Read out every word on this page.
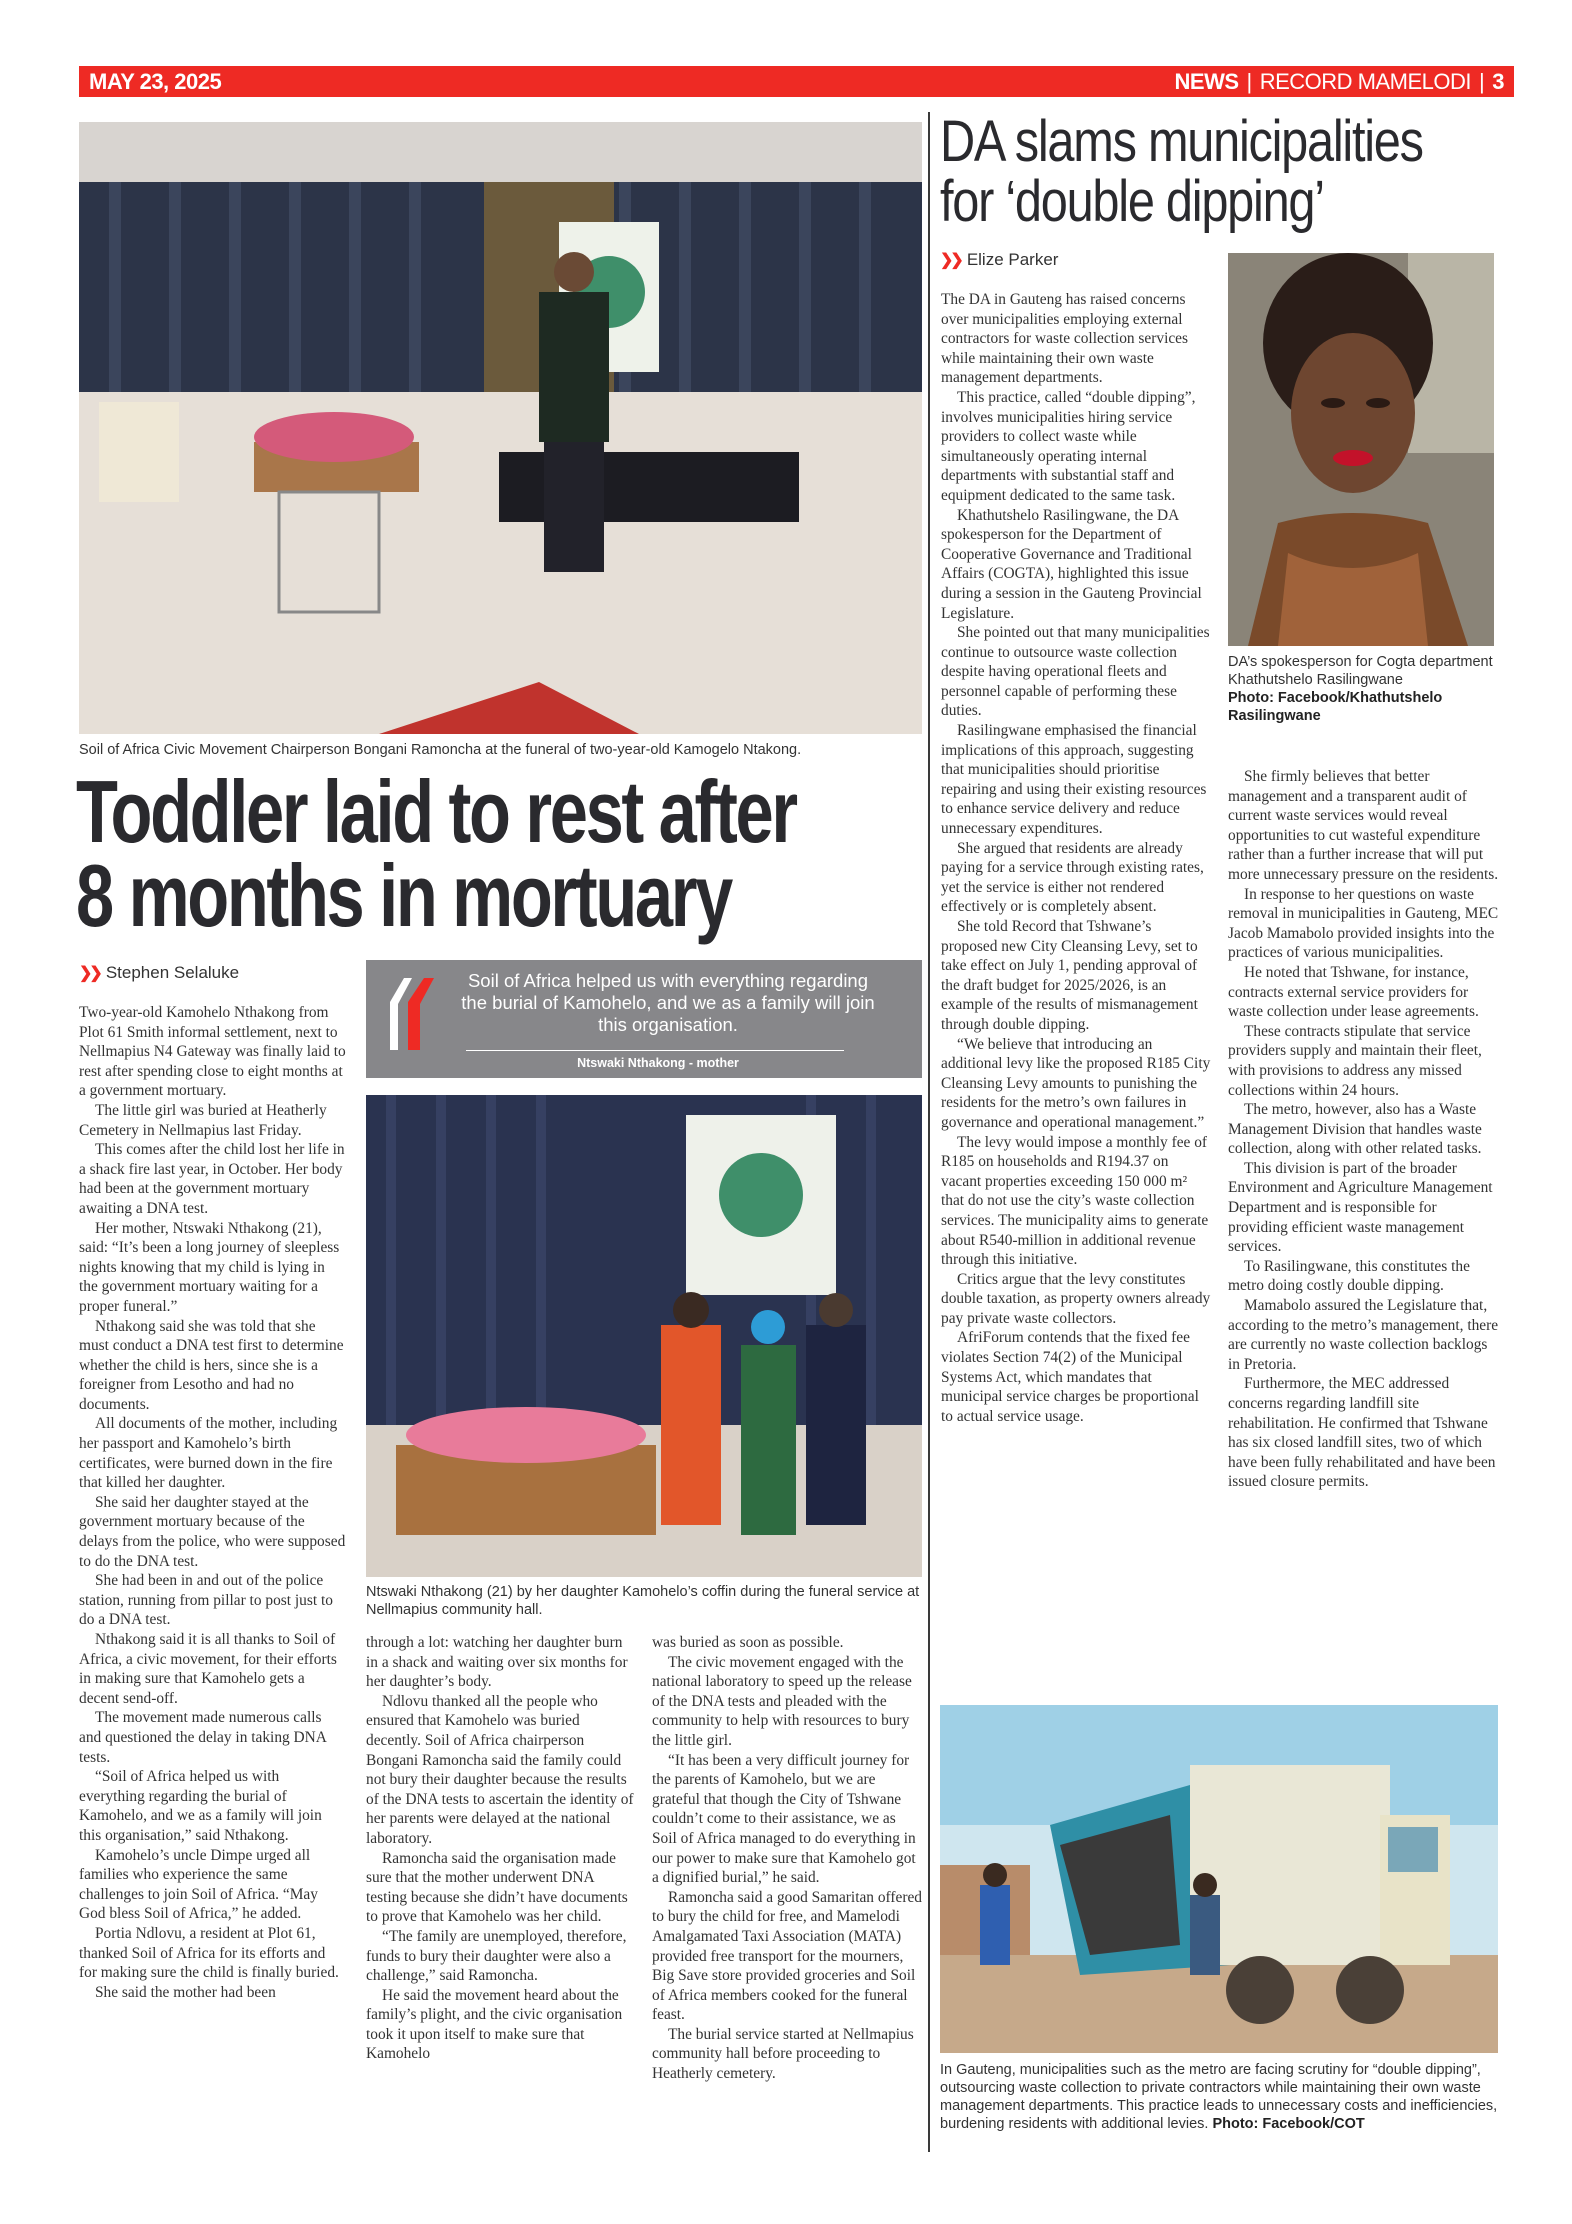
MAY 23, 2025	NEWS | RECORD MAMELODI | 3
Soil of Africa Civic Movement Chairperson Bongani Ramoncha at the funeral of two-year-old Kamogelo Ntakong.
Toddler laid to rest after
8 months in mortuary
❯❯ Stephen Selaluke	Soil of Africa helped us with everything regarding the burial of Kamohelo, and we as a family will join this organisation.
Ntswaki Nthakong - mother

Two-year-old Kamohelo Nthakong from Plot 61 Smith informal settlement, next to Nellmapius N4 Gateway was finally laid to rest after spending close to eight months at a government mortuary.

The little girl was buried at Heatherly Cemetery in Nellmapius last Friday.

This comes after the child lost her life in a shack fire last year, in October. Her body had been at the government mortuary awaiting a DNA test.

Her mother, Ntswaki Nthakong (21), said: “It’s been a long journey of sleepless nights knowing that my child is lying in the government mortuary waiting for a proper funeral.”

Nthakong said she was told that she must conduct a DNA test first to determine whether the child is hers, since she is a foreigner from Lesotho and had no documents.

All documents of the mother, including her passport and Kamohelo’s birth certificates, were burned down in the fire that killed her daughter.

She said her daughter stayed at the government mortuary because of the delays from the police, who were supposed to do the DNA test.

She had been in and out of the police station, running from pillar to post just to do a DNA test.

Nthakong said it is all thanks to Soil of Africa, a civic movement, for their efforts in making sure that Kamohelo gets a decent send-off.

The movement made numerous calls and questioned the delay in taking DNA tests.

“Soil of Africa helped us with everything regarding the burial of Kamohelo, and we as a family will join this organisation,” said Nthakong.

Kamohelo’s uncle Dimpe urged all families who experience the same challenges to join Soil of Africa. “May God bless Soil of Africa,” he added.

Portia Ndlovu, a resident at Plot 61, thanked Soil of Africa for its efforts and for making sure the child is finally buried.

She said the mother had been

Ntswaki Nthakong (21) by her daughter Kamohelo’s coffin during the funeral service at Nellmapius community hall.

through a lot: watching her daughter burn in a shack and waiting over six months for her daughter’s body.

Ndlovu thanked all the people who ensured that Kamohelo was buried decently. Soil of Africa chairperson Bongani Ramoncha said the family could not bury their daughter because the results of the DNA tests to ascertain the identity of her parents were delayed at the national laboratory.

Ramoncha said the organisation made sure that the mother underwent DNA testing because she didn’t have documents to prove that Kamohelo was her child.

“The family are unemployed, therefore, funds to bury their daughter were also a challenge,” said Ramoncha.

He said the movement heard about the family’s plight, and the civic organisation took it upon itself to make sure that Kamohelo

was buried as soon as possible.

The civic movement engaged with the national laboratory to speed up the release of the DNA tests and pleaded with the community to help with resources to bury the little girl.

“It has been a very difficult journey for the parents of Kamohelo, but we are grateful that though the City of Tshwane couldn’t come to their assistance, we as Soil of Africa managed to do everything in our power to make sure that Kamohelo got a dignified burial,” he said.

Ramoncha said a good Samaritan offered to bury the child for free, and Mamelodi Amalgamated Taxi Association (MATA) provided free transport for the mourners, Big Save store provided groceries and Soil of Africa members cooked for the funeral feast.

The burial service started at Nellmapius community hall before proceeding to Heatherly cemetery.

DA slams municipalities
for ‘double dipping’
❯❯ Elize Parker

The DA in Gauteng has raised concerns over municipalities employing external contractors for waste collection services while maintaining their own waste management departments.

This practice, called “double dipping”, involves municipalities hiring service providers to collect waste while simultaneously operating internal departments with substantial staff and equipment dedicated to the same task.

Khathutshelo Rasilingwane, the DA spokesperson for the Department of Cooperative Governance and Traditional Affairs (COGTA), highlighted this issue during a session in the Gauteng Provincial Legislature.

She pointed out that many municipalities continue to outsource waste collection despite having operational fleets and personnel capable of performing these duties.

Rasilingwane emphasised the financial implications of this approach, suggesting that municipalities should prioritise repairing and using their existing resources to enhance service delivery and reduce unnecessary expenditures.

She argued that residents are already paying for a service through existing rates, yet the service is either not rendered effectively or is completely absent.

She told Record that Tshwane’s proposed new City Cleansing Levy, set to take effect on July 1, pending approval of the draft budget for 2025/2026, is an example of the results of mismanagement through double dipping.

“We believe that introducing an additional levy like the proposed R185 City Cleansing Levy amounts to punishing the residents for the metro’s own failures in governance and operational management.”

The levy would impose a monthly fee of R185 on households and R194.37 on vacant properties exceeding 150 000 m² that do not use the city’s waste collection services. The municipality aims to generate about R540-million in additional revenue through this initiative.

Critics argue that the levy constitutes double taxation, as property owners already pay private waste collectors.

AfriForum contends that the fixed fee violates Section 74(2) of the Municipal Systems Act, which mandates that municipal service charges be proportional to actual service usage.

DA’s spokesperson for Cogta department Khathutshelo Rasilingwane
Photo: Facebook/Khathutshelo Rasilingwane

She firmly believes that better management and a transparent audit of current waste services would reveal opportunities to cut wasteful expenditure rather than a further increase that will put more unnecessary pressure on the residents.

In response to her questions on waste removal in municipalities in Gauteng, MEC Jacob Mamabolo provided insights into the practices of various municipalities.

He noted that Tshwane, for instance, contracts external service providers for waste collection under lease agreements.

These contracts stipulate that service providers supply and maintain their fleet, with provisions to address any missed collections within 24 hours.

The metro, however, also has a Waste Management Division that handles waste collection, along with other related tasks.

This division is part of the broader Environment and Agriculture Management Department and is responsible for providing efficient waste management services.

To Rasilingwane, this constitutes the metro doing costly double dipping.

Mamabolo assured the Legislature that, according to the metro’s management, there are currently no waste collection backlogs in Pretoria.

Furthermore, the MEC addressed concerns regarding landfill site rehabilitation. He confirmed that Tshwane has six closed landfill sites, two of which have been fully rehabilitated and have been issued closure permits.

In Gauteng, municipalities such as the metro are facing scrutiny for “double dipping”, outsourcing waste collection to private contractors while maintaining their own waste management departments. This practice leads to unnecessary costs and inefficiencies, burdening residents with additional levies. Photo: Facebook/COT
